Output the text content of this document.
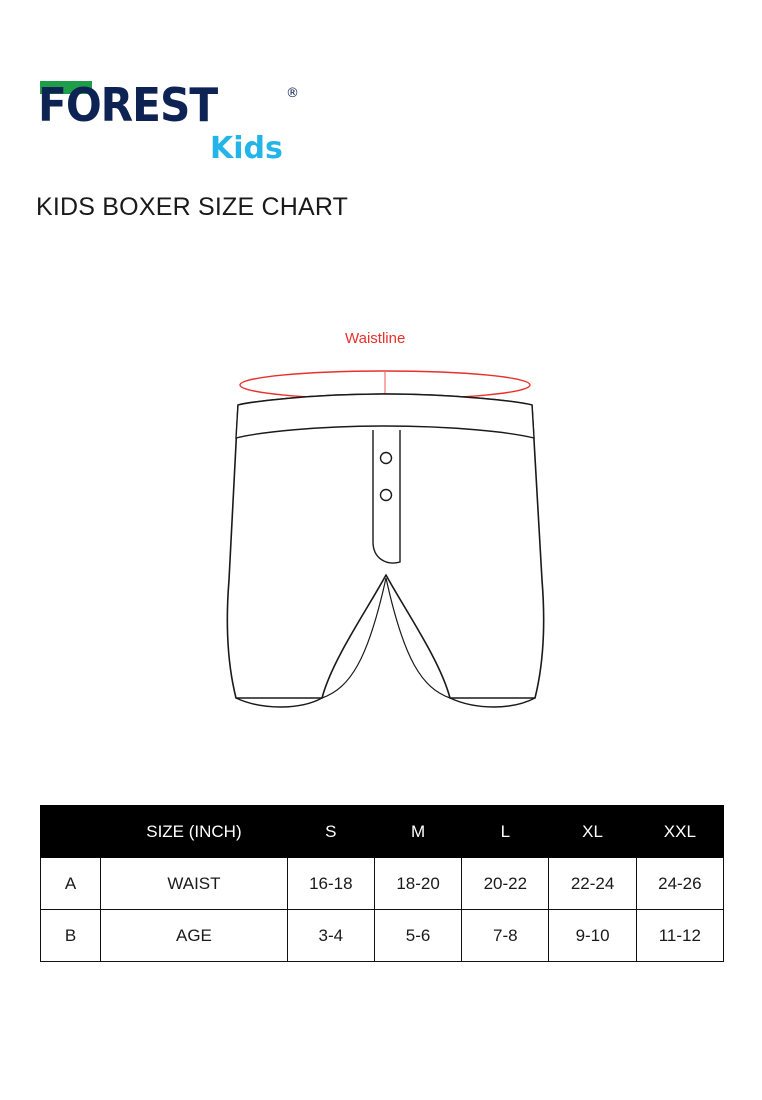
FOREST	®
Kids
KIDS BOXER SIZE CHART
Waistline
	SIZE (INCH)	S	M	L	XL	XXL
A	WAIST	16-18	18-20	20-22	22-24	24-26
B	AGE	3-4	5-6	7-8	9-10	11-12
